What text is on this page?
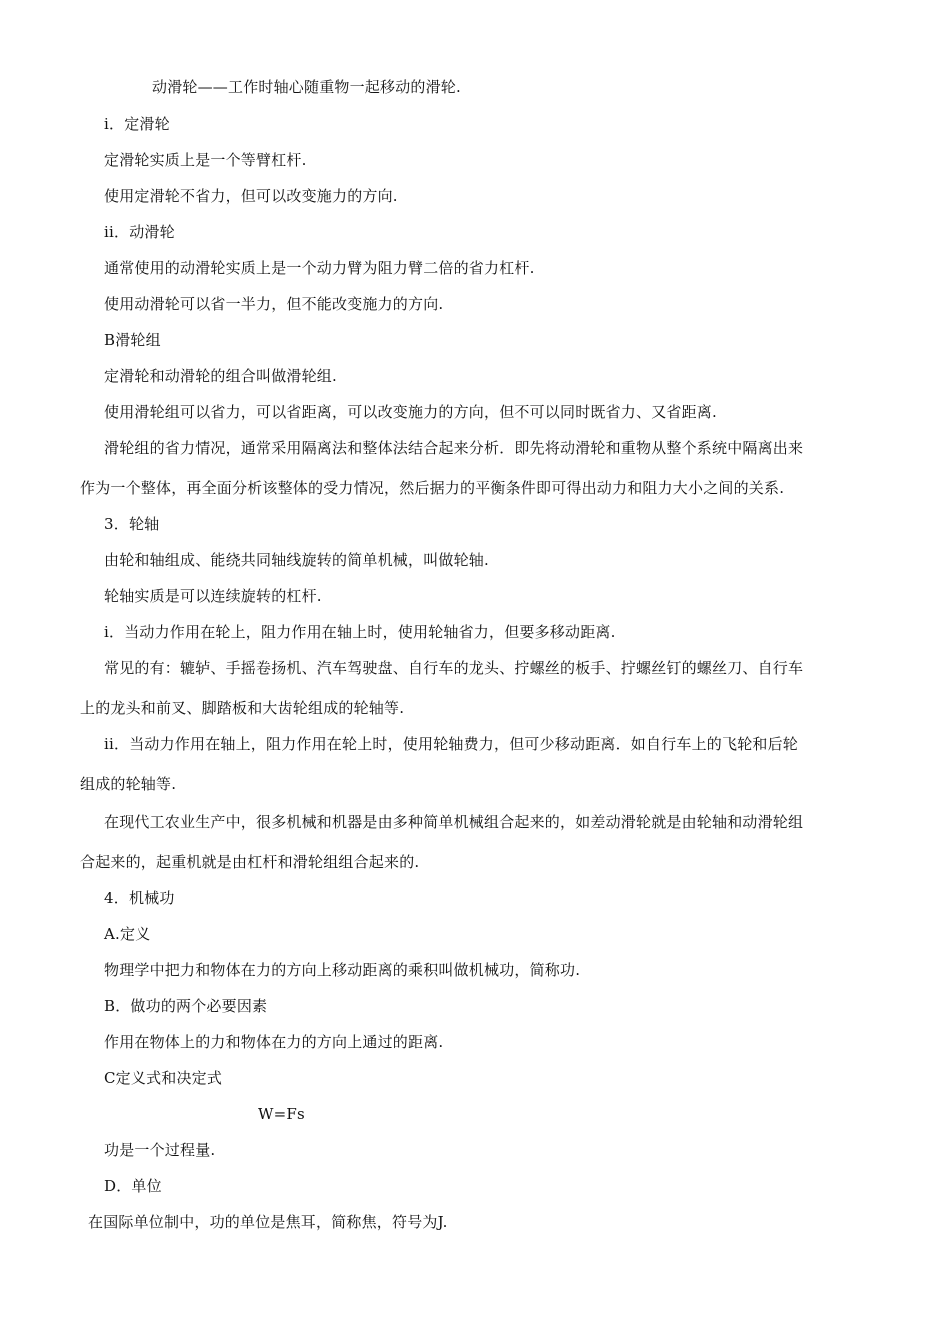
动滑轮——工作时轴心随重物一起移动的滑轮.
i．定滑轮
定滑轮实质上是一个等臂杠杆.
使用定滑轮不省力，但可以改变施力的方向.
ii．动滑轮
通常使用的动滑轮实质上是一个动力臂为阻力臂二倍的省力杠杆.
使用动滑轮可以省一半力，但不能改变施力的方向.
B滑轮组
定滑轮和动滑轮的组合叫做滑轮组.
使用滑轮组可以省力，可以省距离，可以改变施力的方向，但不可以同时既省力、又省距离.
滑轮组的省力情况，通常采用隔离法和整体法结合起来分析．即先将动滑轮和重物从整个系统中隔离出来
作为一个整体，再全面分析该整体的受力情况，然后据力的平衡条件即可得出动力和阻力大小之间的关系.
3．轮轴
由轮和轴组成、能绕共同轴线旋转的简单机械，叫做轮轴.
轮轴实质是可以连续旋转的杠杆.
i．当动力作用在轮上，阻力作用在轴上时，使用轮轴省力，但要多移动距离.
常见的有：辘轳、手摇卷扬机、汽车驾驶盘、自行车的龙头、拧螺丝的板手、拧螺丝钉的螺丝刀、自行车
上的龙头和前叉、脚踏板和大齿轮组成的轮轴等.
ii．当动力作用在轴上，阻力作用在轮上时，使用轮轴费力，但可少移动距离．如自行车上的飞轮和后轮
组成的轮轴等.
在现代工农业生产中，很多机械和机器是由多种简单机械组合起来的，如差动滑轮就是由轮轴和动滑轮组
合起来的，起重机就是由杠杆和滑轮组组合起来的.
4．机械功
A.定义
物理学中把力和物体在力的方向上移动距离的乘积叫做机械功，简称功.
B．做功的两个必要因素
作用在物体上的力和物体在力的方向上通过的距离.
C定义式和决定式
W=Fs
功是一个过程量.
D．单位
在国际单位制中，功的单位是焦耳，简称焦，符号为J.
